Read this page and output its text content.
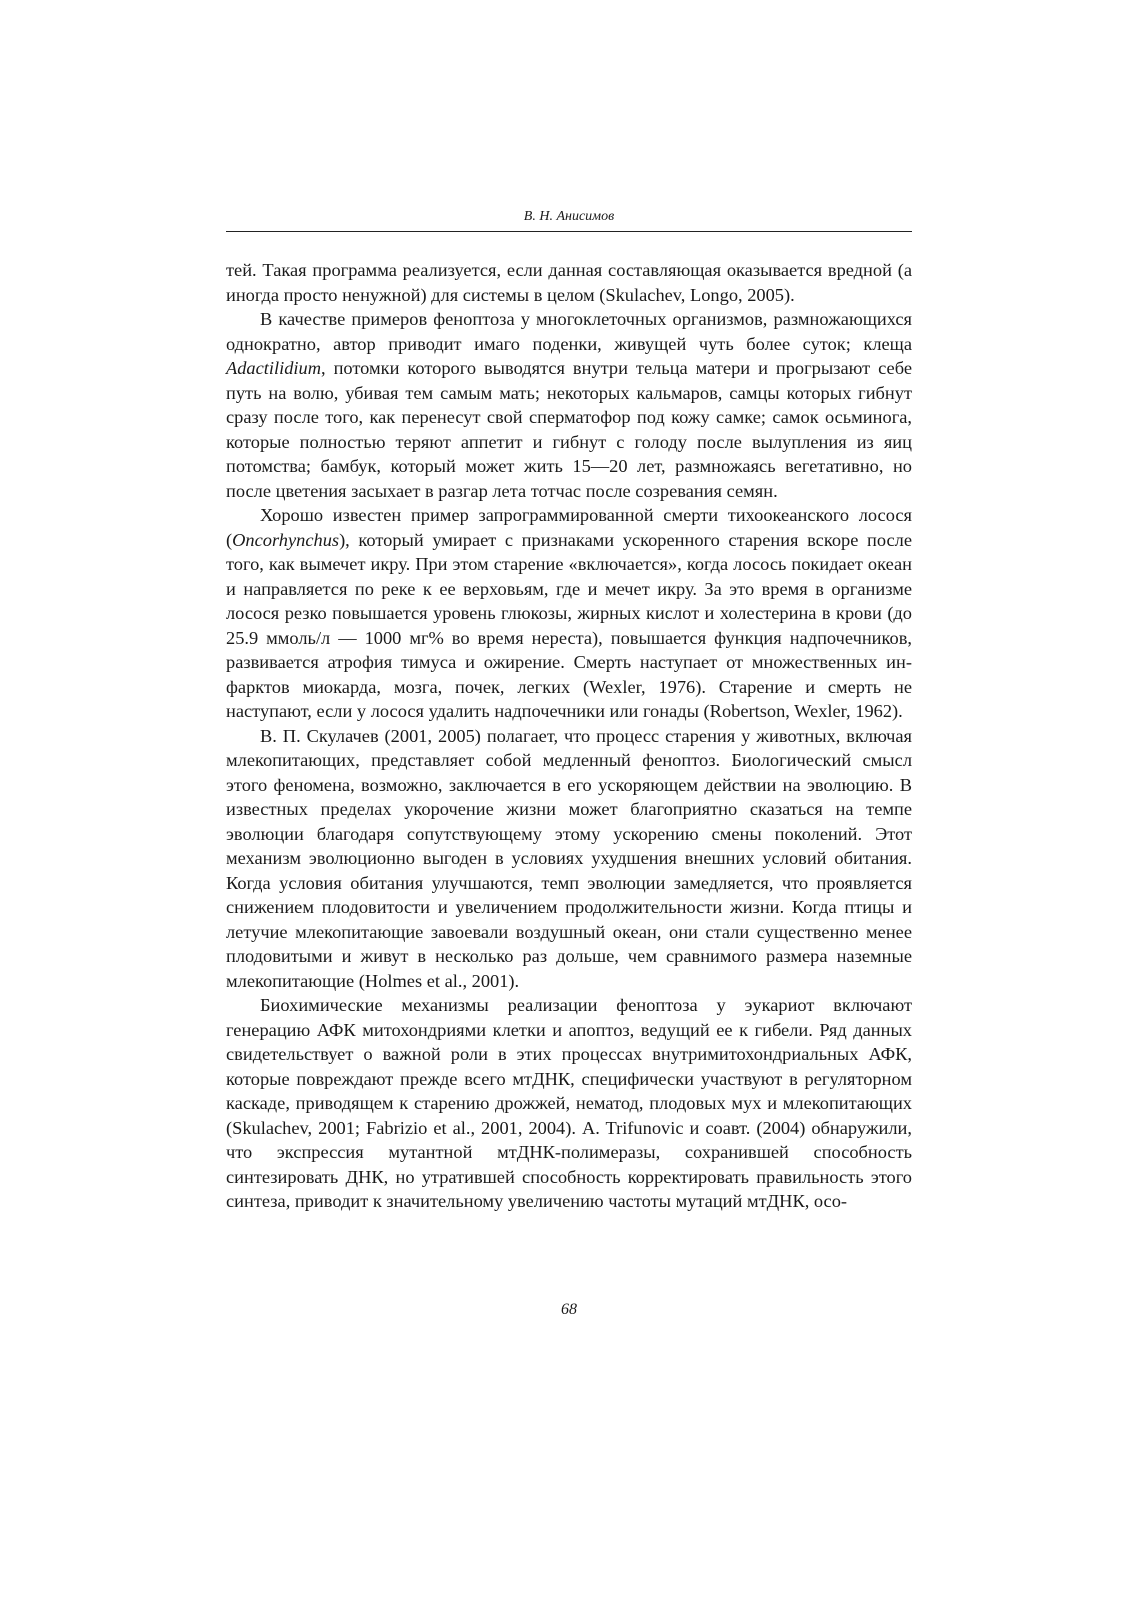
В. Н. Анисимов

тей. Такая программа реализуется, если данная составляющая оказывается вредной (а иногда просто ненужной) для системы в целом (Skulachev, Longo, 2005).

В качестве примеров феноптоза у многоклеточных организмов, размножающихся однократно, автор приводит имаго поденки, живущей чуть более суток; клеща Adactilidium, потомки которого выводятся внутри тельца матери и прогрызают себе путь на волю, убивая тем самым мать; некоторых кальмаров, самцы которых гибнут сразу после того, как перенесут свой сперматофор под кожу самке; самок осьминога, которые полностью теряют аппетит и гибнут с голоду после вылупления из яиц потомства; бамбук, который может жить 15—20 лет, размножаясь вегетативно, но после цветения засыхает в разгар лета тотчас после созревания семян.

Хорошо известен пример запрограммированной смерти тихоокеанского лосося (Oncorhynchus), который умирает с признаками ускоренного старения вскоре после того, как вымечет икру. При этом старение «включается», когда лосось покидает океан и направляется по реке к ее верховьям, где и мечет икру. За это время в организме лосося резко повышается уровень глюкозы, жирных кислот и холестерина в крови (до 25.9 ммоль/л — 1000 мг% во время нереста), повышается функция надпочечников, развивается атрофия тимуса и ожирение. Смерть наступает от множественных инфарктов миокарда, мозга, почек, легких (Wexler, 1976). Старение и смерть не наступают, если у лосося удалить надпочечники или гонады (Robertson, Wexler, 1962).

В. П. Скулачев (2001, 2005) полагает, что процесс старения у животных, включая млекопитающих, представляет собой медленный феноптоз. Биологический смысл этого феномена, возможно, заключается в его ускоряющем действии на эволюцию. В известных пределах укорочение жизни может благоприятно сказаться на темпе эволюции благодаря сопутствующему этому ускорению смены поколений. Этот механизм эволюционно выгоден в условиях ухудшения внешних условий обитания. Когда условия обитания улучшаются, темп эволюции замедляется, что проявляется снижением плодовитости и увеличением продолжительности жизни. Когда птицы и летучие млекопитающие завоевали воздушный океан, они стали существенно менее плодовитыми и живут в несколько раз дольше, чем сравнимого размера наземные млекопитающие (Holmes et al., 2001).

Биохимические механизмы реализации феноптоза у эукариот включают генерацию АФК митохондриями клетки и апоптоз, ведущий ее к гибели. Ряд данных свидетельствует о важной роли в этих процессах внутримитохондриальных АФК, которые повреждают прежде всего мтДНК, специфически участвуют в регуляторном каскаде, приводящем к старению дрожжей, нематод, плодовых мух и млекопитающих (Skulachev, 2001; Fabrizio et al., 2001, 2004). A. Trifunovic и соавт. (2004) обнаружили, что экспрессия мутантной мтДНК-полимеразы, сохранившей способность синтезировать ДНК, но утратившей способность корректировать правильность этого синтеза, приводит к значительному увеличению частоты мутаций мтДНК, осо-

68
